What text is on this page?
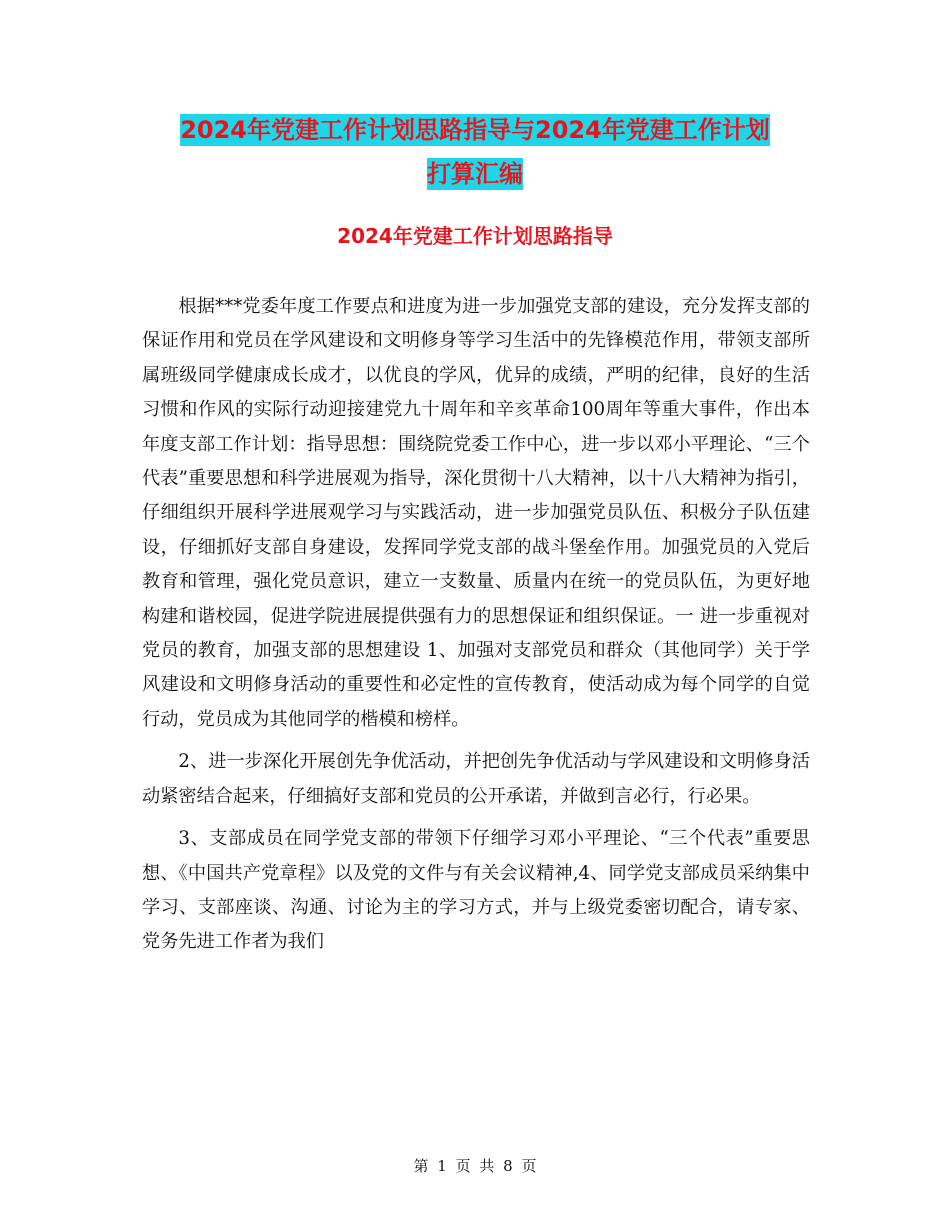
2024年党建工作计划思路指导与2024年党建工作计划
打算汇编
2024年党建工作计划思路指导

根据***党委年度工作要点和进度为进一步加强党支部的建设，充分发挥支部的保证作用和党员在学风建设和文明修身等学习生活中的先锋模范作用，带领支部所属班级同学健康成长成才，以优良的学风，优异的成绩，严明的纪律，良好的生活习惯和作风的实际行动迎接建党九十周年和辛亥革命100周年等重大事件，作出本年度支部工作计划：指导思想：围绕院党委工作中心，进一步以邓小平理论、“三个代表”重要思想和科学进展观为指导，深化贯彻十八大精神，以十八大精神为指引，仔细组织开展科学进展观学习与实践活动，进一步加强党员队伍、积极分子队伍建设，仔细抓好支部自身建设，发挥同学党支部的战斗堡垒作用。加强党员的入党后教育和管理，强化党员意识，建立一支数量、质量内在统一的党员队伍，为更好地构建和谐校园，促进学院进展提供强有力的思想保证和组织保证。一 进一步重视对党员的教育，加强支部的思想建设 1、加强对支部党员和群众（其他同学）关于学风建设和文明修身活动的重要性和必定性的宣传教育，使活动成为每个同学的自觉行动，党员成为其他同学的楷模和榜样。

2、进一步深化开展创先争优活动，并把创先争优活动与学风建设和文明修身活动紧密结合起来，仔细搞好支部和党员的公开承诺，并做到言必行，行必果。

3、支部成员在同学党支部的带领下仔细学习邓小平理论、“三个代表”重要思想、《中国共产党章程》以及党的文件与有关会议精神,4、同学党支部成员采纳集中学习、支部座谈、沟通、讨论为主的学习方式，并与上级党委密切配合，请专家、党务先进工作者为我们

第 1 页 共 8 页
